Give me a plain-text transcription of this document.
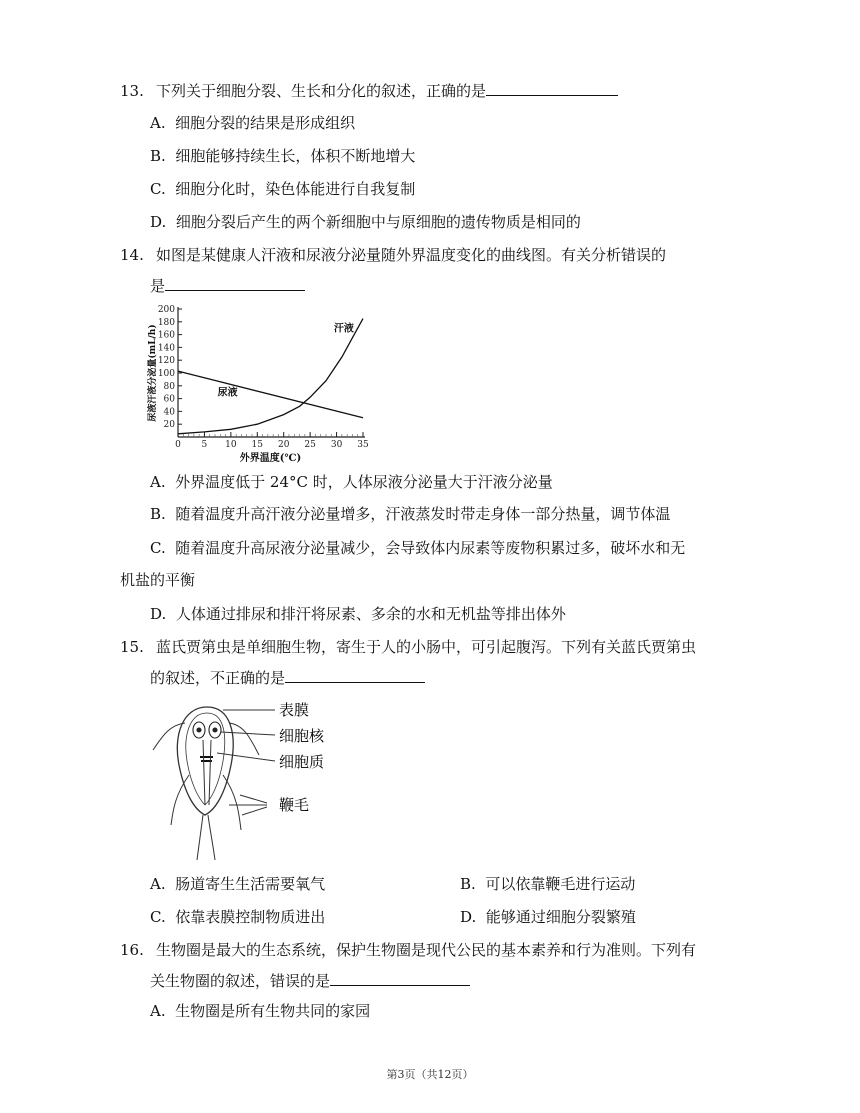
13. 下列关于细胞分裂、生长和分化的叙述，正确的是
A. 细胞分裂的结果是形成组织
B. 细胞能够持续生长，体积不断地增大
C. 细胞分化时，染色体能进行自我复制
D. 细胞分裂后产生的两个新细胞中与原细胞的遗传物质是相同的
14. 如图是某健康人汗液和尿液分泌量随外界温度变化的曲线图。有关分析错误的
是
20
40
60
80
100
120
140
160
180
200
0 5 10 15 20 25 30 35
汗液
尿液
外界温度(℃)
尿液汗液分泌量(mL/h)
A. 外界温度低于 24°C 时，人体尿液分泌量大于汗液分泌量
B. 随着温度升高汗液分泌量增多，汗液蒸发时带走身体一部分热量，调节体温
C. 随着温度升高尿液分泌量减少，会导致体内尿素等废物积累过多，破坏水和无
机盐的平衡
D. 人体通过排尿和排汗将尿素、多余的水和无机盐等排出体外
15. 蓝氏贾第虫是单细胞生物，寄生于人的小肠中，可引起腹泻。下列有关蓝氏贾第虫
的叙述，不正确的是
表膜
细胞核
细胞质
鞭毛
A. 肠道寄生生活需要氧气	B. 可以依靠鞭毛进行运动
C. 依靠表膜控制物质进出	D. 能够通过细胞分裂繁殖
16. 生物圈是最大的生态系统，保护生物圈是现代公民的基本素养和行为准则。下列有
关生物圈的叙述，错误的是
A. 生物圈是所有生物共同的家园
第3页（共12页）
